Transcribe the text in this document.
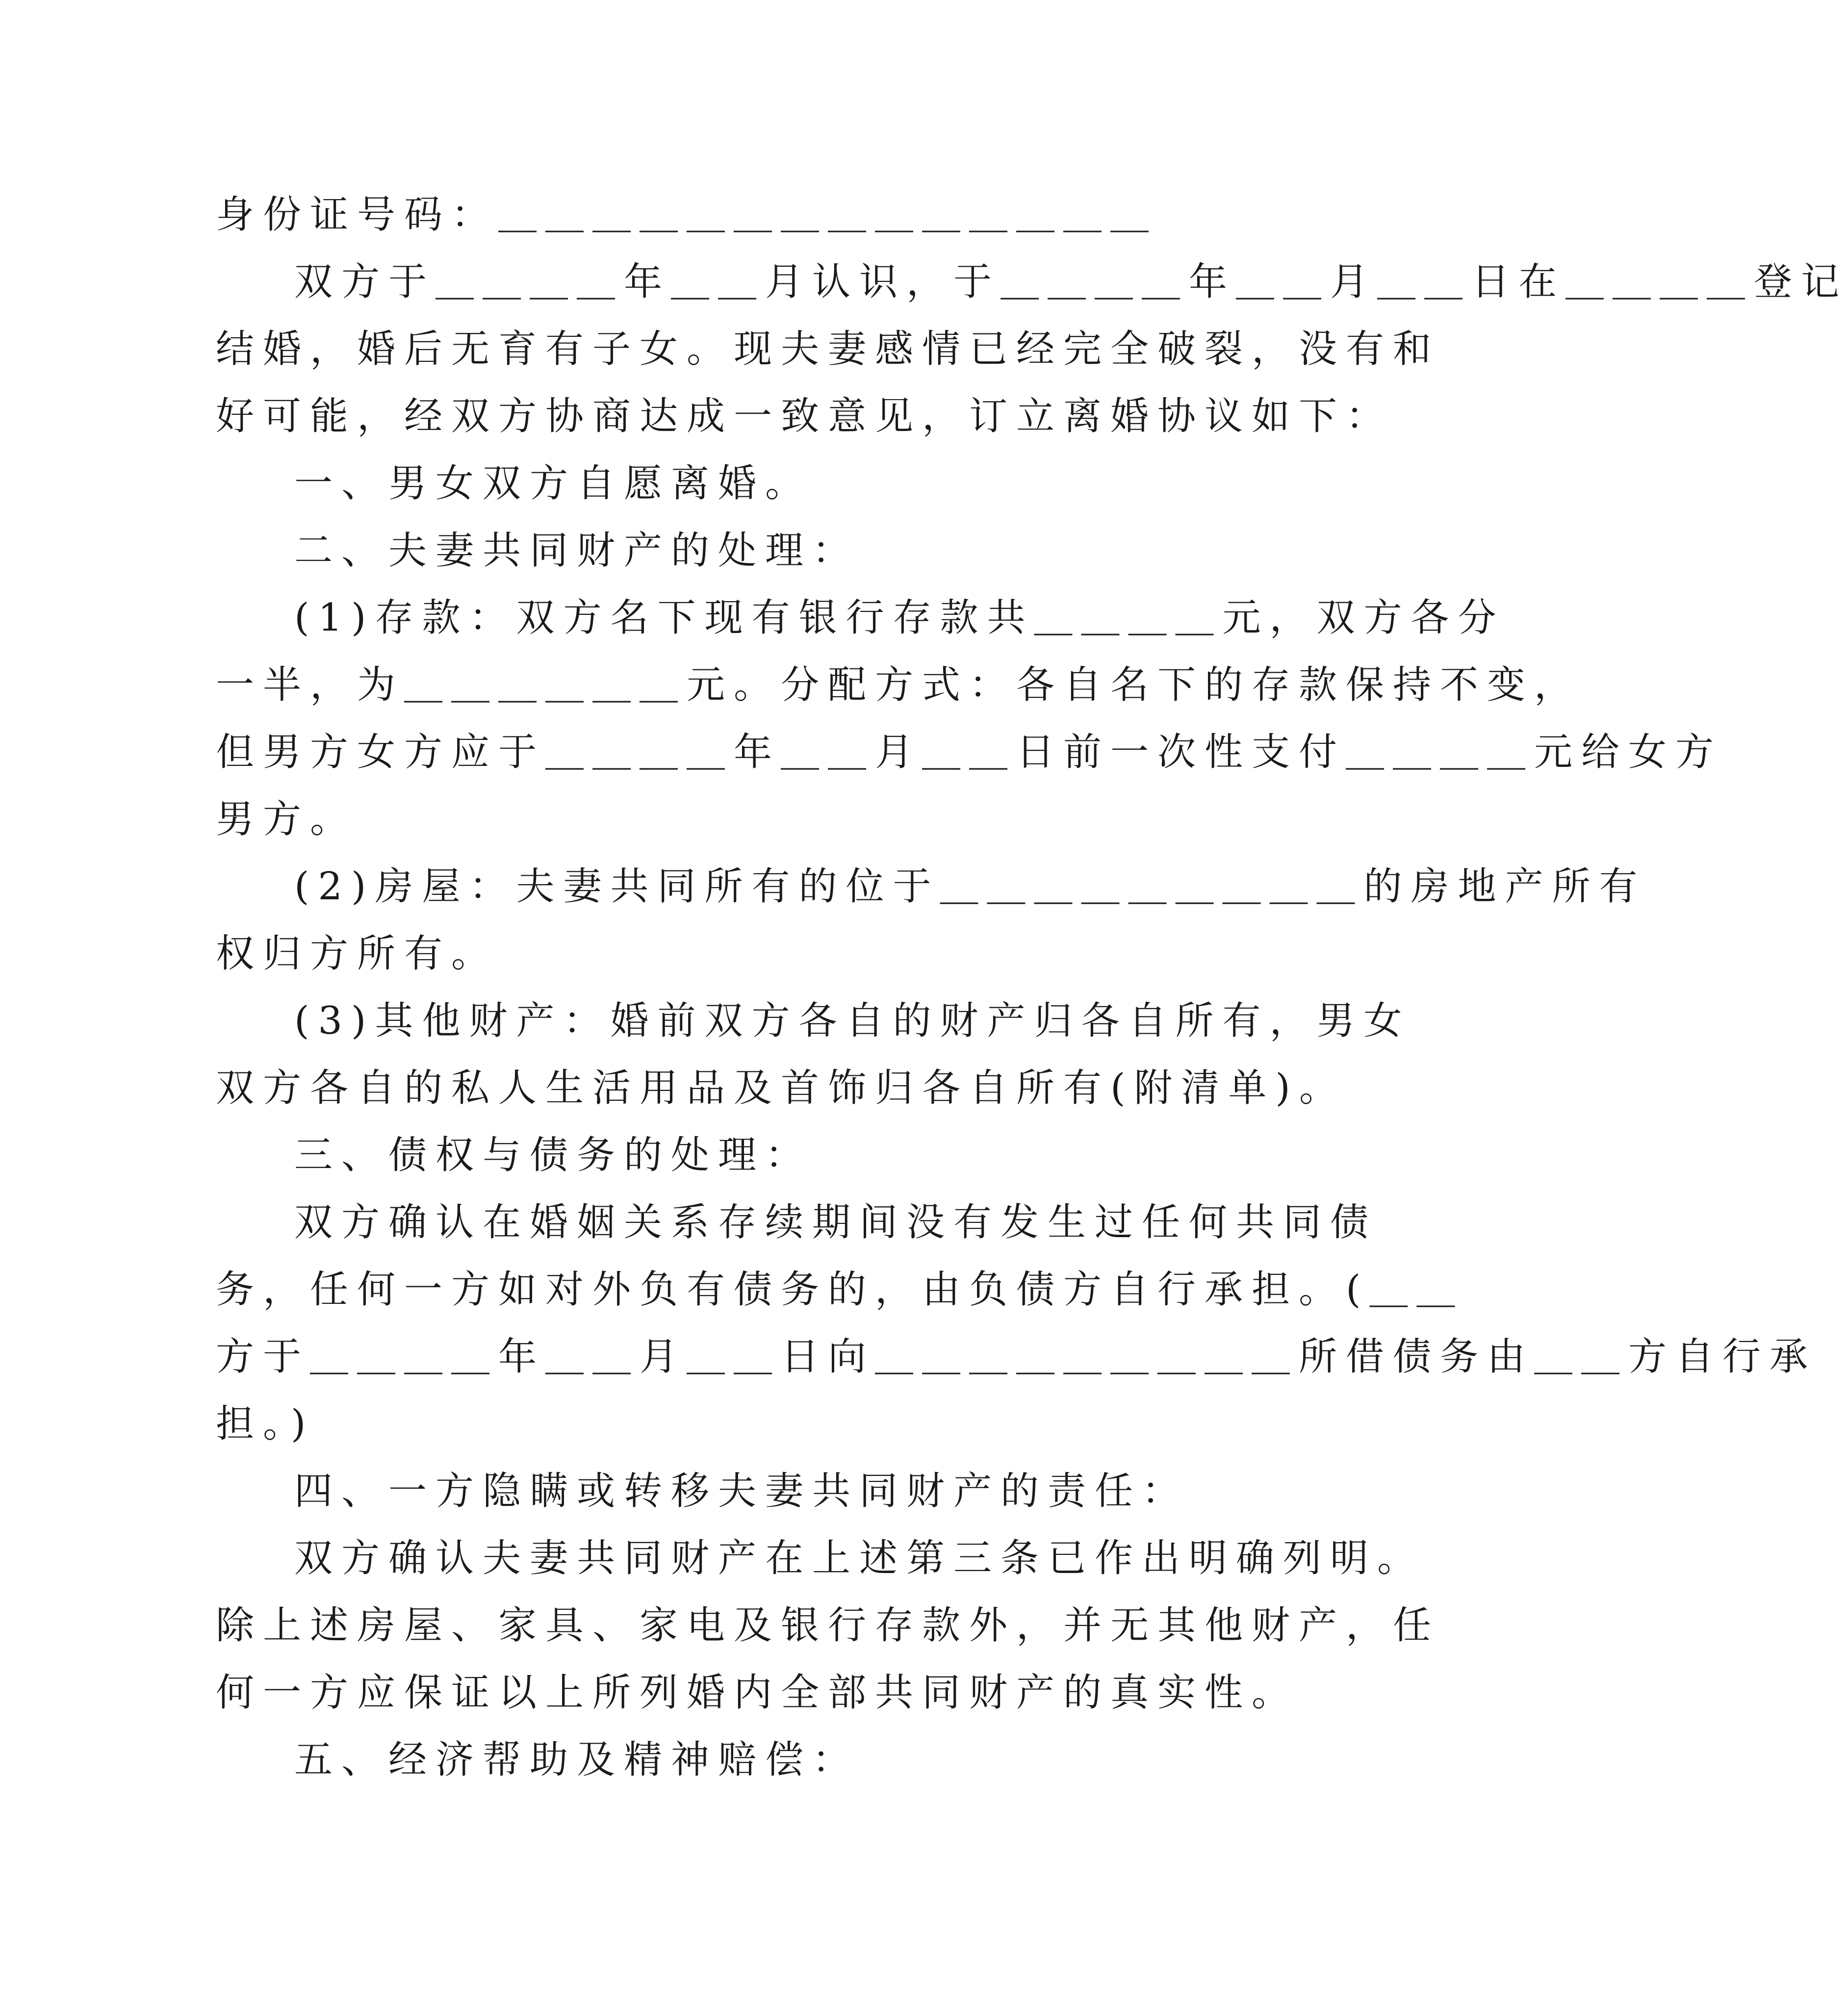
身份证号码：＿＿＿＿＿＿＿＿＿＿＿＿＿＿
双方于＿＿＿＿年＿＿月认识，于＿＿＿＿年＿＿月＿＿日在＿＿＿＿登记
结婚，婚后无育有子女。现夫妻感情已经完全破裂，没有和
好可能，经双方协商达成一致意见，订立离婚协议如下：
一、男女双方自愿离婚。
二、夫妻共同财产的处理：
(1)存款：双方名下现有银行存款共＿＿＿＿元，双方各分
一半，为＿＿＿＿＿＿元。分配方式：各自名下的存款保持不变，
但男方女方应于＿＿＿＿年＿＿月＿＿日前一次性支付＿＿＿＿元给女方
男方。
(2)房屋：夫妻共同所有的位于＿＿＿＿＿＿＿＿＿的房地产所有
权归方所有。
(3)其他财产：婚前双方各自的财产归各自所有，男女
双方各自的私人生活用品及首饰归各自所有(附清单)。
三、债权与债务的处理：
双方确认在婚姻关系存续期间没有发生过任何共同债
务，任何一方如对外负有债务的，由负债方自行承担。(＿＿
方于＿＿＿＿年＿＿月＿＿日向＿＿＿＿＿＿＿＿＿所借债务由＿＿方自行承
担。)
四、一方隐瞒或转移夫妻共同财产的责任：
双方确认夫妻共同财产在上述第三条已作出明确列明。
除上述房屋、家具、家电及银行存款外，并无其他财产，任
何一方应保证以上所列婚内全部共同财产的真实性。
五、经济帮助及精神赔偿：
